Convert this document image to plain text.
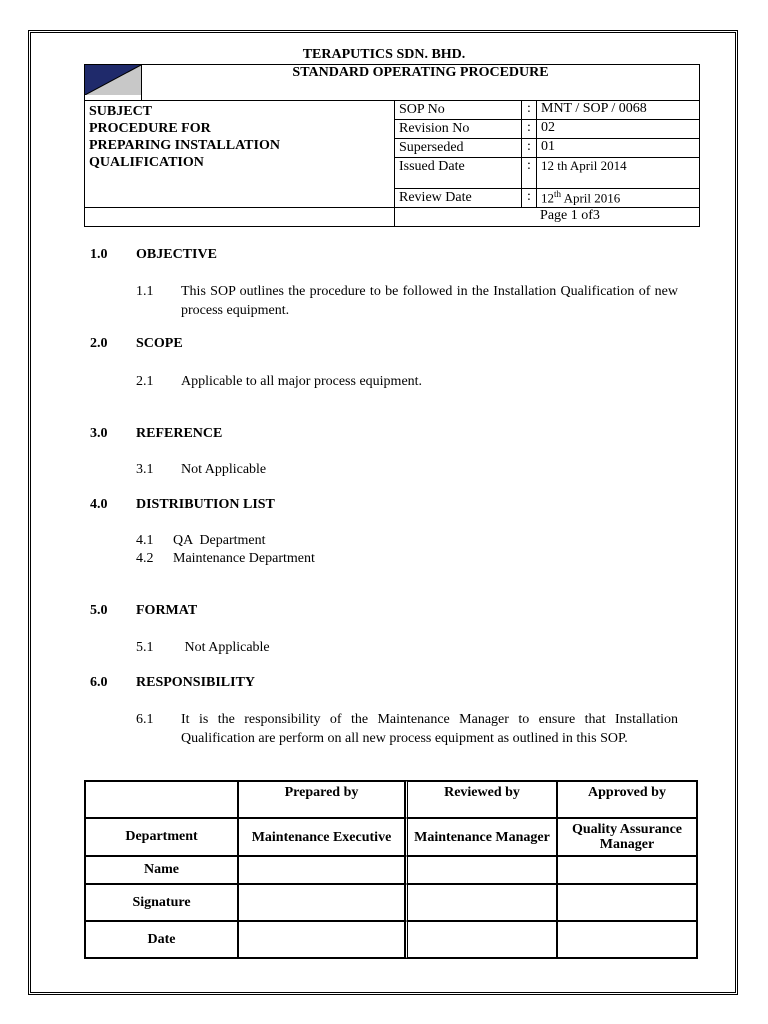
TERAPUTICS SDN. BHD.
	STANDARD OPERATING PROCEDURE			

SUBJECT
PROCEDURE FOR
PREPARING INSTALLATION
QUALIFICATION		SOP No	:	MNT / SOP / 0068
		Revision No	:	02
		Superseded	:	01
		Issued Date	:	12 th April 2014
		Review Date	:	12th April 2016
		Page 1 of3		
1.0 OBJECTIVE
1.1 This SOP outlines the procedure to be followed in the Installation Qualification of new process equipment.
2.0 SCOPE
2.1 Applicable to all major process equipment.
3.0 REFERENCE
3.1 Not Applicable
4.0 DISTRIBUTION LIST
4.1 QA  Department
4.2 Maintenance Department
5.0 FORMAT
5.1 Not Applicable
6.0 RESPONSIBILITY
6.1 It is the responsibility of the Maintenance Manager to ensure that Installation Qualification are perform on all new process equipment as outlined in this SOP.
	Prepared by	Reviewed by	Approved by
Department	Maintenance Executive	Maintenance Manager	Quality Assurance Manager
Name			
Signature			
Date			
